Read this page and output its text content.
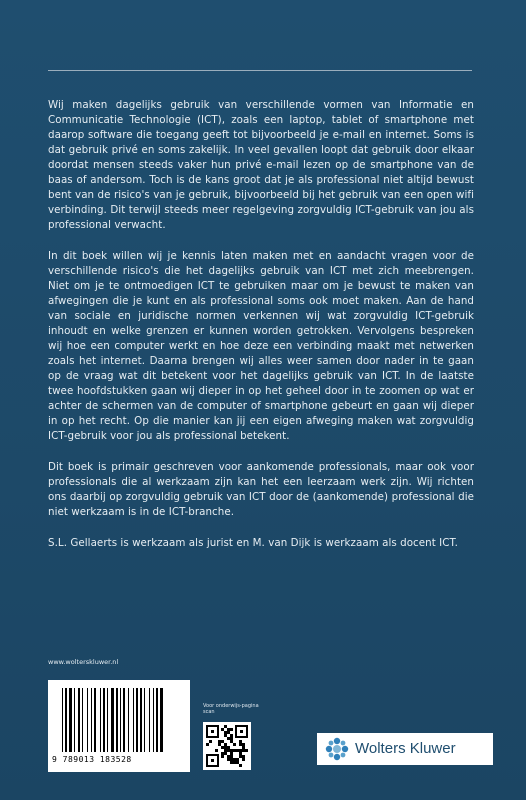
Wij maken dagelijks gebruik van verschillende vormen van Informatie en Communicatie Technologie (ICT), zoals een laptop, tablet of smartphone met daarop software die toegang geeft tot bijvoorbeeld je e-mail en internet. Soms is dat gebruik privé en soms zakelijk. In veel gevallen loopt dat gebruik door elkaar doordat mensen steeds vaker hun privé e-mail lezen op de smartphone van de baas of andersom. Toch is de kans groot dat je als professional niet altijd bewust bent van de risico's van je gebruik, bijvoorbeeld bij het gebruik van een open wifi verbinding. Dit terwijl steeds meer regelgeving zorgvuldig ICT-gebruik van jou als professional verwacht.

In dit boek willen wij je kennis laten maken met en aandacht vragen voor de verschillende risico's die het dagelijks gebruik van ICT met zich meebrengen. Niet om je te ontmoedigen ICT te gebruiken maar om je bewust te maken van afwegingen die je kunt en als professional soms ook moet maken. Aan de hand van sociale en juridische normen verkennen wij wat zorgvuldig ICT-gebruik inhoudt en welke grenzen er kunnen worden getrokken. Vervolgens bespreken wij hoe een computer werkt en hoe deze een verbinding maakt met netwerken zoals het internet. Daarna brengen wij alles weer samen door nader in te gaan op de vraag wat dit betekent voor het dagelijks gebruik van ICT. In de laatste twee hoofdstukken gaan wij dieper in op het geheel door in te zoomen op wat er achter de schermen van de computer of smartphone gebeurt en gaan wij dieper in op het recht. Op die manier kan jij een eigen afweging maken wat zorgvuldig ICT-gebruik voor jou als professional betekent.

Dit boek is primair geschreven voor aankomende professionals, maar ook voor professionals die al werkzaam zijn kan het een leerzaam werk zijn. Wij richten ons daarbij op zorgvuldig gebruik van ICT door de (aankomende) professional die niet werkzaam is in de ICT-branche.

S.L. Gellaerts is werkzaam als jurist en M. van Dijk is werkzaam als docent ICT.

www.wolterskluwer.nl
9 789013 183528
Voor onderwijs-pagina scan
Wolters Kluwer
